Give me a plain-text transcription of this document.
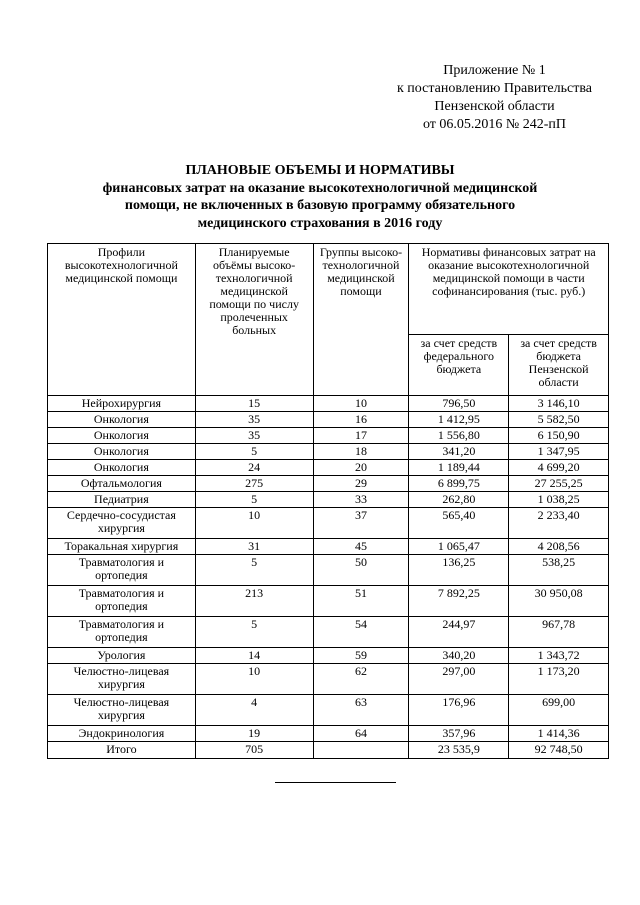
Приложение № 1
к постановлению Правительства
Пензенской области
от 06.05.2016 № 242-пП
ПЛАНОВЫЕ ОБЪЕМЫ И НОРМАТИВЫ
финансовых затрат на оказание высокотехнологичной медицинской
помощи, не включенных в базовую программу обязательного
медицинского страхования в 2016 году
Профили высокотехнологичной медицинской помощи	Планируемые объёмы высоко-технологичной медицинской помощи по числу пролеченных больных	Группы высоко-технологичной медицинской помощи	Нормативы финансовых затрат на оказание высокотехнологичной медицинской помощи в части софинансирования (тыс. руб.)	
			за счет средств федерального бюджета	за счет средств бюджета Пензенской области
Нейрохирургия	15	10	796,50	3 146,10
Онкология	35	16	1 412,95	5 582,50
Онкология	35	17	1 556,80	6 150,90
Онкология	5	18	341,20	1 347,95
Онкология	24	20	1 189,44	4 699,20
Офтальмология	275	29	6 899,75	27 255,25
Педиатрия	5	33	262,80	1 038,25
Сердечно-сосудистая хирургия	10	37	565,40	2 233,40
Торакальная хирургия	31	45	1 065,47	4 208,56
Травматология и ортопедия	5	50	136,25	538,25
Травматология и ортопедия	213	51	7 892,25	30 950,08
Травматология и ортопедия	5	54	244,97	967,78
Урология	14	59	340,20	1 343,72
Челюстно-лицевая хирургия	10	62	297,00	1 173,20
Челюстно-лицевая хирургия	4	63	176,96	699,00
Эндокринология	19	64	357,96	1 414,36
Итого	705		23 535,9	92 748,50
